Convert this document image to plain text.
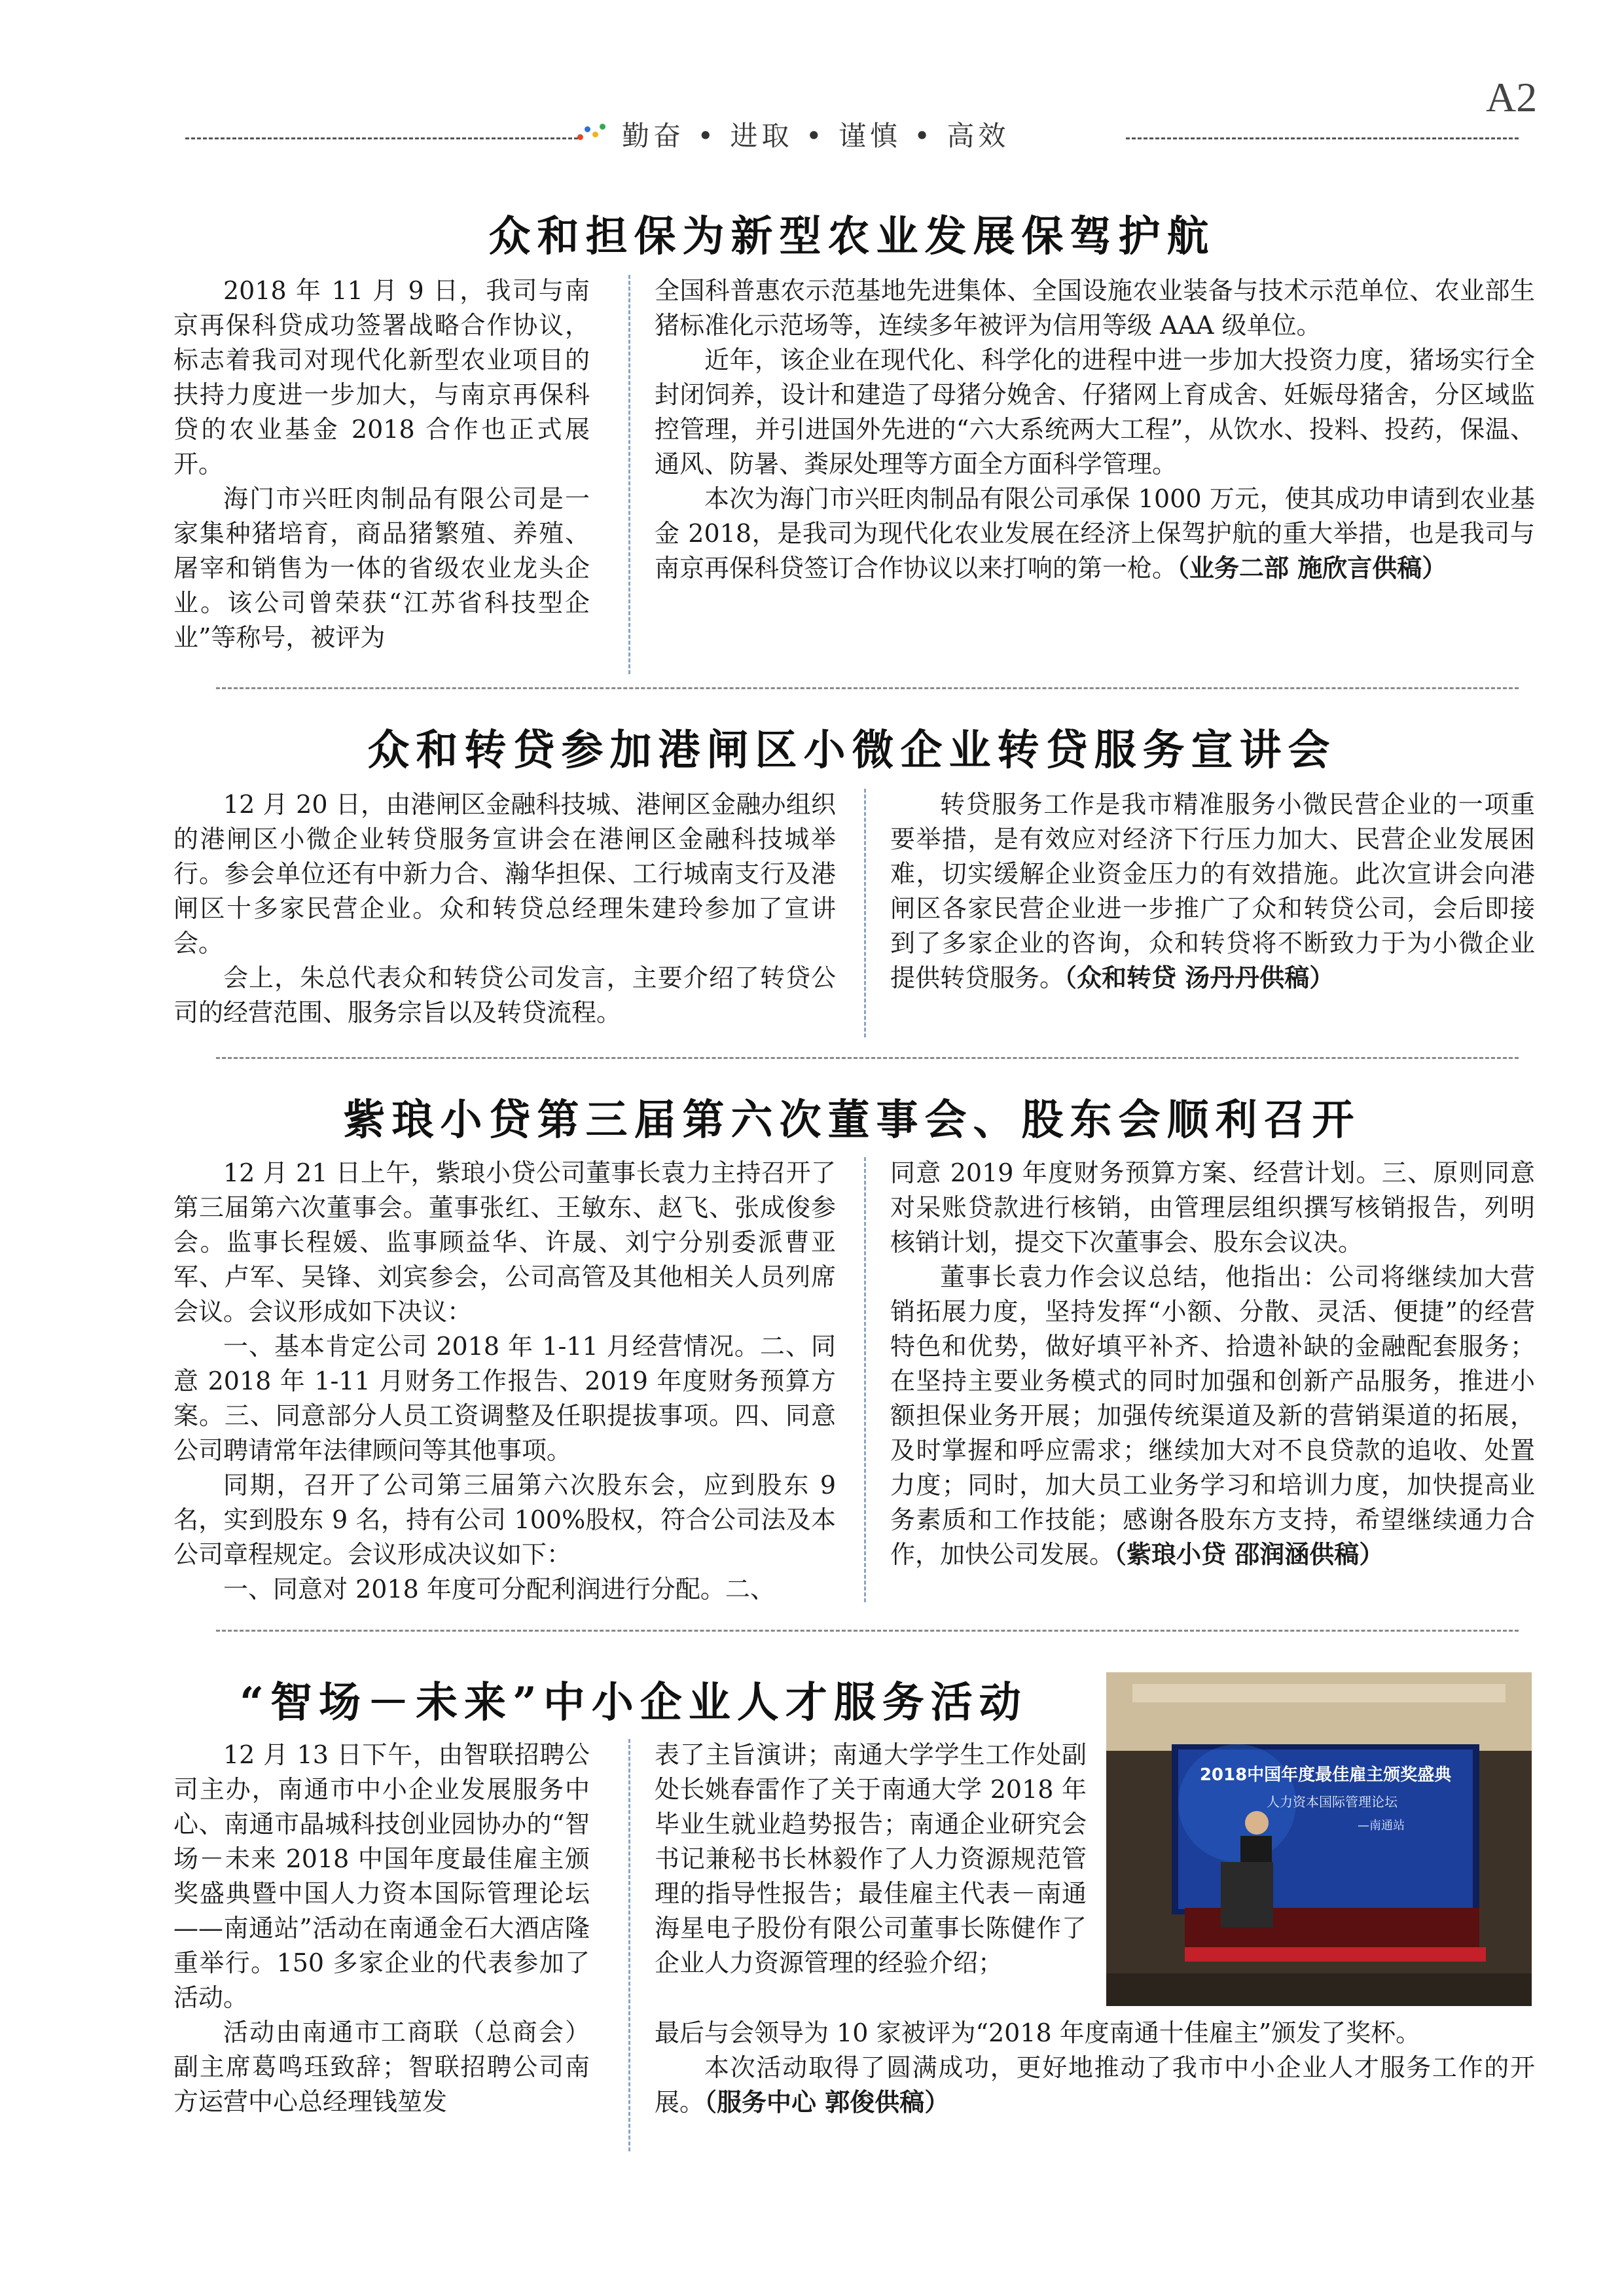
A2
勤奋 • 进取 • 谨慎 • 高效
众和担保为新型农业发展保驾护航

2018 年 11 月 9 日，我司与南京再保科贷成功签署战略合作协议，标志着我司对现代化新型农业项目的扶持力度进一步加大，与南京再保科贷的农业基金 2018 合作也正式展开。

海门市兴旺肉制品有限公司是一家集种猪培育，商品猪繁殖、养殖、屠宰和销售为一体的省级农业龙头企业。该公司曾荣获“江苏省科技型企业”等称号，被评为

全国科普惠农示范基地先进集体、全国设施农业装备与技术示范单位、农业部生猪标准化示范场等，连续多年被评为信用等级 AAA 级单位。

近年，该企业在现代化、科学化的进程中进一步加大投资力度，猪场实行全封闭饲养，设计和建造了母猪分娩舍、仔猪网上育成舍、妊娠母猪舍，分区域监控管理，并引进国外先进的“六大系统两大工程”，从饮水、投料、投药，保温、通风、防暑、粪尿处理等方面全方面科学管理。

本次为海门市兴旺肉制品有限公司承保 1000 万元，使其成功申请到农业基金 2018，是我司为现代化农业发展在经济上保驾护航的重大举措，也是我司与南京再保科贷签订合作协议以来打响的第一枪。（业务二部 施欣言供稿）

众和转贷参加港闸区小微企业转贷服务宣讲会

12 月 20 日，由港闸区金融科技城、港闸区金融办组织的港闸区小微企业转贷服务宣讲会在港闸区金融科技城举行。参会单位还有中新力合、瀚华担保、工行城南支行及港闸区十多家民营企业。众和转贷总经理朱建玲参加了宣讲会。

会上，朱总代表众和转贷公司发言，主要介绍了转贷公司的经营范围、服务宗旨以及转贷流程。

转贷服务工作是我市精准服务小微民营企业的一项重要举措，是有效应对经济下行压力加大、民营企业发展困难，切实缓解企业资金压力的有效措施。此次宣讲会向港闸区各家民营企业进一步推广了众和转贷公司，会后即接到了多家企业的咨询，众和转贷将不断致力于为小微企业提供转贷服务。（众和转贷 汤丹丹供稿）

紫琅小贷第三届第六次董事会、股东会顺利召开

12 月 21 日上午，紫琅小贷公司董事长袁力主持召开了第三届第六次董事会。董事张红、王敏东、赵飞、张成俊参会。监事长程媛、监事顾益华、许晟、刘宁分别委派曹亚军、卢军、吴锋、刘宾参会，公司高管及其他相关人员列席会议。会议形成如下决议：

一、基本肯定公司 2018 年 1-11 月经营情况。二、同意 2018 年 1-11 月财务工作报告、2019 年度财务预算方案。三、同意部分人员工资调整及任职提拔事项。四、同意公司聘请常年法律顾问等其他事项。

同期，召开了公司第三届第六次股东会，应到股东 9 名，实到股东 9 名，持有公司 100%股权，符合公司法及本公司章程规定。会议形成决议如下：

一、同意对 2018 年度可分配利润进行分配。二、

同意 2019 年度财务预算方案、经营计划。三、原则同意对呆账贷款进行核销，由管理层组织撰写核销报告，列明核销计划，提交下次董事会、股东会议决。

董事长袁力作会议总结，他指出：公司将继续加大营销拓展力度，坚持发挥“小额、分散、灵活、便捷”的经营特色和优势，做好填平补齐、拾遗补缺的金融配套服务；在坚持主要业务模式的同时加强和创新产品服务，推进小额担保业务开展；加强传统渠道及新的营销渠道的拓展，及时掌握和呼应需求；继续加大对不良贷款的追收、处置力度；同时，加大员工业务学习和培训力度，加快提高业务素质和工作技能；感谢各股东方支持，希望继续通力合作，加快公司发展。（紫琅小贷 邵润涵供稿）

“智场－未来”中小企业人才服务活动

12 月 13 日下午，由智联招聘公司主办，南通市中小企业发展服务中心、南通市晶城科技创业园协办的“智场－未来 2018 中国年度最佳雇主颁奖盛典暨中国人力资本国际管理论坛——南通站”活动在南通金石大酒店隆重举行。150 多家企业的代表参加了活动。

活动由南通市工商联（总商会）副主席葛鸣珏致辞；智联招聘公司南方运营中心总经理钱堃发

表了主旨演讲；南通大学学生工作处副处长姚春雷作了关于南通大学 2018 年毕业生就业趋势报告；南通企业研究会书记兼秘书长林毅作了人力资源规范管理的指导性报告；最佳雇主代表－南通海星电子股份有限公司董事长陈健作了企业人力资源管理的经验介绍；

最后与会领导为 10 家被评为“2018 年度南通十佳雇主”颁发了奖杯。

本次活动取得了圆满成功，更好地推动了我市中小企业人才服务工作的开展。（服务中心 郭俊供稿）

2018中国年度最佳雇主颁奖盛典
人力资本国际管理论坛
—南通站
